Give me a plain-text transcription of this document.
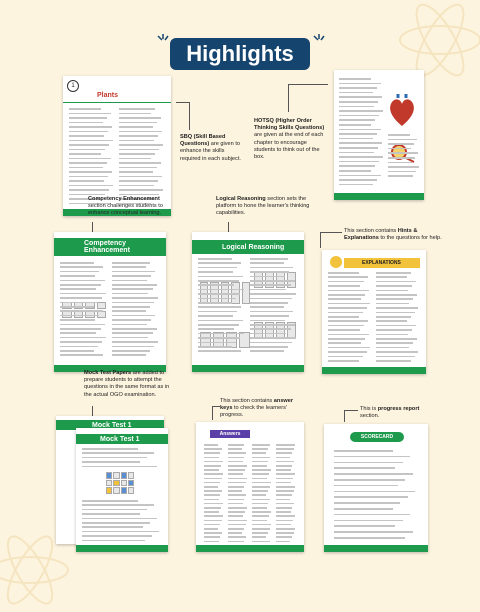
Highlights
1
Plants
SBQ (Skill Based Questions) are given to enhance the skills required in each subject.
HOTSQ (Higher Order Thinking Skills Questions) are given at the end of each chapter to encourage students to think out of the box.
Competency Enhancement section challenges students to enhance conceptual learning.
Competency
Enhancement
Logical Reasoning section sets the platform to hone the learner's thinking capabilities.
Logical Reasoning
This section contains Hints & Explanations to the questions for help.
EXPLANATIONS
Mock Test Papers are added to prepare students to attempt the questions in the same format as in the actual OGO examination.
Mock Test 1
Mock Test 1
This section contains answer keys to check the learners' progress.
Answers
This is progress report section.
SCORECARD
